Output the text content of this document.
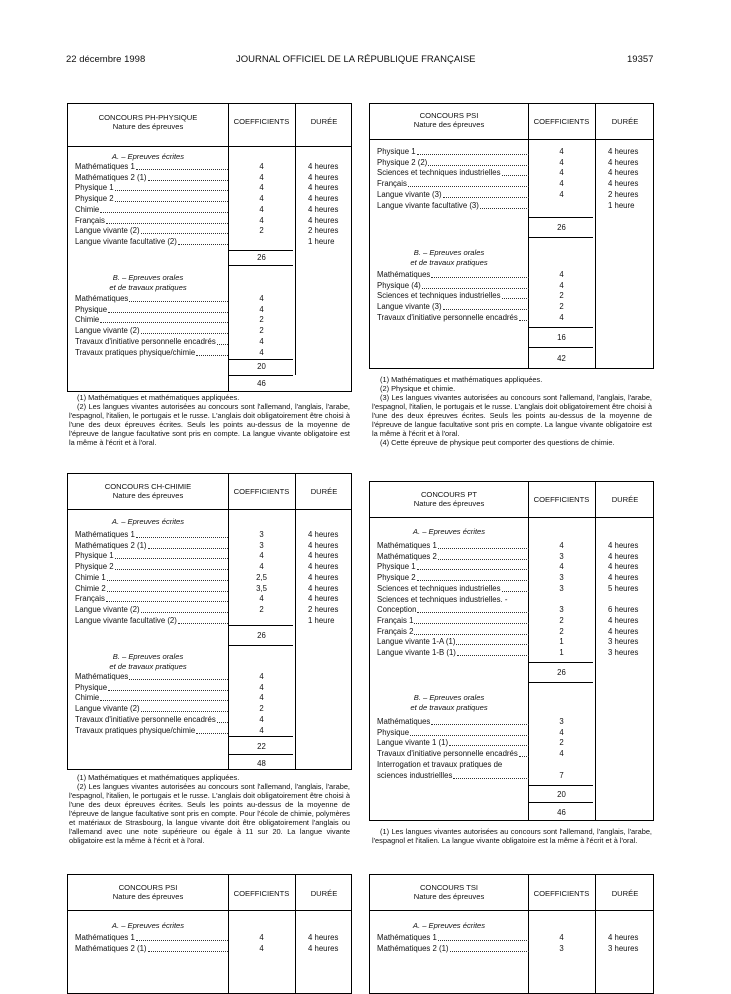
22 décembre 1998	JOURNAL OFFICIEL DE LA RÉPUBLIQUE FRANÇAISE	19357
CONCOURS PH-PHYSIQUE
Nature des épreuves
COEFFICIENTS	DURÉE
A. – Epreuves écrites
Mathématiques 1	4	4 heures
Mathématiques 2 (1)	4	4 heures
Physique 1	4	4 heures
Physique 2	4	4 heures
Chimie	4	4 heures
Français	4	4 heures
Langue vivante (2)	2	2 heures
Langue vivante facultative (2)	1 heure
26
B. – Epreuves orales
et de travaux pratiques
Mathématiques	4
Physique	4
Chimie	2
Langue vivante (2)	2
Travaux d'initiative personnelle encadrés	4
Travaux pratiques physique/chimie	4
20
46

(1) Mathématiques et mathématiques appliquées.

(2) Les langues vivantes autorisées au concours sont l'allemand, l'anglais, l'arabe, l'espagnol, l'italien, le portugais et le russe. L'anglais doit obligatoirement être choisi à l'une des deux épreuves écrites. Seuls les points au-dessus de la moyenne de l'épreuve de langue facultative sont pris en compte. La langue vivante obligatoire est la même à l'écrit et à l'oral.

CONCOURS PSI
Nature des épreuves	COEFFICIENTS	DURÉE
Physique 1	4	4 heures
Physique 2 (2)	4	4 heures
Sciences et techniques industrielles	4	4 heures
Français	4	4 heures
Langue vivante (3)	4	2 heures
Langue vivante facultative (3)	1 heure
26
B. – Epreuves orales
et de travaux pratiques
Mathématiques	4
Physique (4)	4
Sciences et techniques industrielles	2
Langue vivante (3)	2
Travaux d'initiative personnelle encadrés	4
16
42

(1) Mathématiques et mathématiques appliquées.

(2) Physique et chimie.

(3) Les langues vivantes autorisées au concours sont l'allemand, l'anglais, l'arabe, l'espagnol, l'italien, le portugais et le russe. L'anglais doit obligatoirement être choisi à l'une des deux épreuves écrites. Seuls les points au-dessus de la moyenne de l'épreuve de langue facultative sont pris en compte. La langue vivante obligatoire est la même à l'écrit et à l'oral.

(4) Cette épreuve de physique peut comporter des questions de chimie.

CONCOURS CH-CHIMIE
Nature des épreuves	COEFFICIENTS	DURÉE
A. – Epreuves écrites
Mathématiques 1	3	4 heures
Mathématiques 2 (1)	3	4 heures
Physique 1	4	4 heures
Physique 2	4	4 heures
Chimie 1	2,5	4 heures
Chimie 2	3,5	4 heures
Français	4	4 heures
Langue vivante (2)	2	2 heures
Langue vivante facultative (2)	1 heure
26
B. – Epreuves orales
et de travaux pratiques
Mathématiques	4
Physique	4
Chimie	4
Langue vivante (2)	2
Travaux d'initiative personnelle encadrés	4
Travaux pratiques physique/chimie	4
22
48

(1) Mathématiques et mathématiques appliquées.

(2) Les langues vivantes autorisées au concours sont l'allemand, l'anglais, l'arabe, l'espagnol, l'italien, le portugais et le russe. L'anglais doit obligatoirement être choisi à l'une des deux épreuves écrites. Seuls les points au-dessus de la moyenne de l'épreuve de langue facultative sont pris en compte. Pour l'école de chimie, polymères et matériaux de Strasbourg, la langue vivante doit être obligatoirement l'anglais ou l'allemand avec une note supérieure ou égale à 11 sur 20. La langue vivante obligatoire est la même à l'écrit et à l'oral.

CONCOURS PT
Nature des épreuves	COEFFICIENTS	DURÉE
A. – Epreuves écrites
Mathématiques 1	4	4 heures
Mathématiques 2	3	4 heures
Physique 1	4	4 heures
Physique 2	3	4 heures
Sciences et techniques industrielles	3	5 heures
Sciences et techniques industrielles. -
Conception	3	6 heures
Français 1	2	4 heures
Français 2	2	4 heures
Langue vivante 1-A (1)	1	3 heures
Langue vivante 1-B (1)	1	3 heures
26
B. – Epreuves orales
et de travaux pratiques
Mathématiques	3
Physique	4
Langue vivante 1 (1)	2
Travaux d'initiative personnelle encadrés	4
Interrogation et travaux pratiques de
sciences industriellles	7
20
46

(1) Les langues vivantes autorisées au concours sont l'allemand, l'anglais, l'arabe, l'espagnol et l'italien. La langue vivante obligatoire est la même à l'écrit et à l'oral.

CONCOURS PSI
Nature des épreuves	COEFFICIENTS	DURÉE
A. – Epreuves écrites
Mathématiques 1	4	4 heures
Mathématiques 2 (1)	4	4 heures
CONCOURS TSI
Nature des épreuves	COEFFICIENTS	DURÉE
A. – Epreuves écrites
Mathématiques 1	4	4 heures
Mathématiques 2 (1)	3	3 heures
